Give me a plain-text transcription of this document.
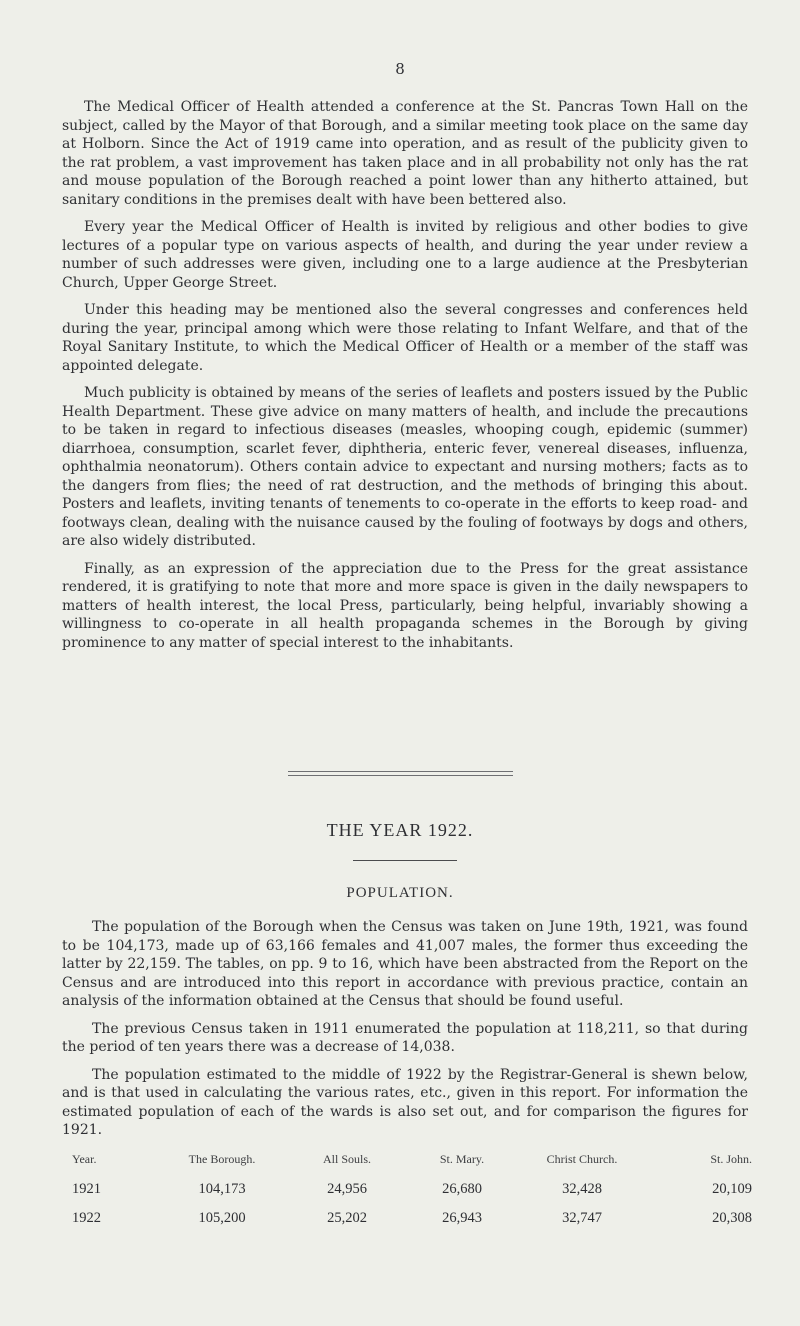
8

The Medical Officer of Health attended a conference at the St. Pancras Town Hall on the subject, called by the Mayor of that Borough, and a similar meeting took place on the same day at Holborn. Since the Act of 1919 came into operation, and as result of the publicity given to the rat problem, a vast improvement has taken place and in all probability not only has the rat and mouse population of the Borough reached a point lower than any hitherto attained, but sanitary conditions in the premises dealt with have been bettered also.

Every year the Medical Officer of Health is invited by religious and other bodies to give lectures of a popular type on various aspects of health, and during the year under review a number of such addresses were given, including one to a large audience at the Presbyterian Church, Upper George Street.

Under this heading may be mentioned also the several congresses and conferences held during the year, principal among which were those relating to Infant Welfare, and that of the Royal Sanitary Institute, to which the Medical Officer of Health or a member of the staff was appointed delegate.

Much publicity is obtained by means of the series of leaflets and posters issued by the Public Health Department. These give advice on many matters of health, and include the precautions to be taken in regard to infectious diseases (measles, whooping cough, epidemic (summer) diarrhoea, consumption, scarlet fever, diphtheria, enteric fever, venereal diseases, influenza, ophthalmia neonatorum). Others contain advice to expectant and nursing mothers; facts as to the dangers from flies; the need of rat destruction, and the methods of bringing this about. Posters and leaflets, inviting tenants of tenements to co-operate in the efforts to keep road- and footways clean, dealing with the nuisance caused by the fouling of footways by dogs and others, are also widely distributed.

Finally, as an expression of the appreciation due to the Press for the great assistance rendered, it is gratifying to note that more and more space is given in the daily newspapers to matters of health interest, the local Press, particularly, being helpful, invariably showing a willingness to co-operate in all health propaganda schemes in the Borough by giving prominence to any matter of special interest to the inhabitants.

THE YEAR 1922.
POPULATION.

The population of the Borough when the Census was taken on June 19th, 1921, was found to be 104,173, made up of 63,166 females and 41,007 males, the former thus exceeding the latter by 22,159. The tables, on pp. 9 to 16, which have been abstracted from the Report on the Census and are introduced into this report in accordance with previous practice, contain an analysis of the information obtained at the Census that should be found useful.

The previous Census taken in 1911 enumerated the population at 118,211, so that during the period of ten years there was a decrease of 14,038.

The population estimated to the middle of 1922 by the Registrar-General is shewn below, and is that used in calculating the various rates, etc., given in this report. For information the estimated population of each of the wards is also set out, and for comparison the figures for 1921.

Year.	The Borough.	All Souls.	St. Mary.	Christ Church.	St. John.
1921	104,173	24,956	26,680	32,428	20,109
1922	105,200	25,202	26,943	32,747	20,308
